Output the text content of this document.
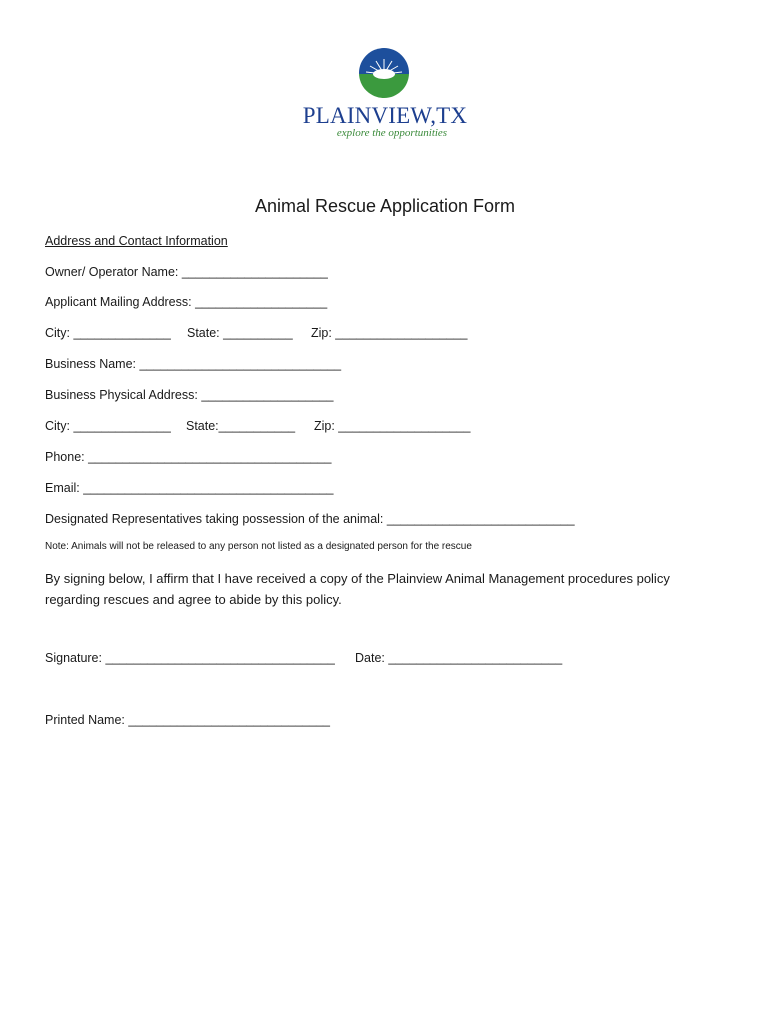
PLAINVIEW,TX
explore the opportunities
Animal Rescue Application Form
Address and Contact Information
Owner/ Operator Name: _____________________
Applicant Mailing Address: ___________________
City: ______________ State: __________ Zip: ___________________
Business Name: _____________________________
Business Physical Address: ___________________
City: ______________ State:___________ Zip: ___________________
Phone: ___________________________________
Email: ____________________________________
Designated Representatives taking possession of the animal: ___________________________
Note: Animals will not be released to any person not listed as a designated person for the rescue
By signing below, I affirm that I have received a copy of the Plainview Animal Management procedures policy
regarding rescues and agree to abide by this policy.
Signature: _________________________________ Date: _________________________
Printed Name: _____________________________
